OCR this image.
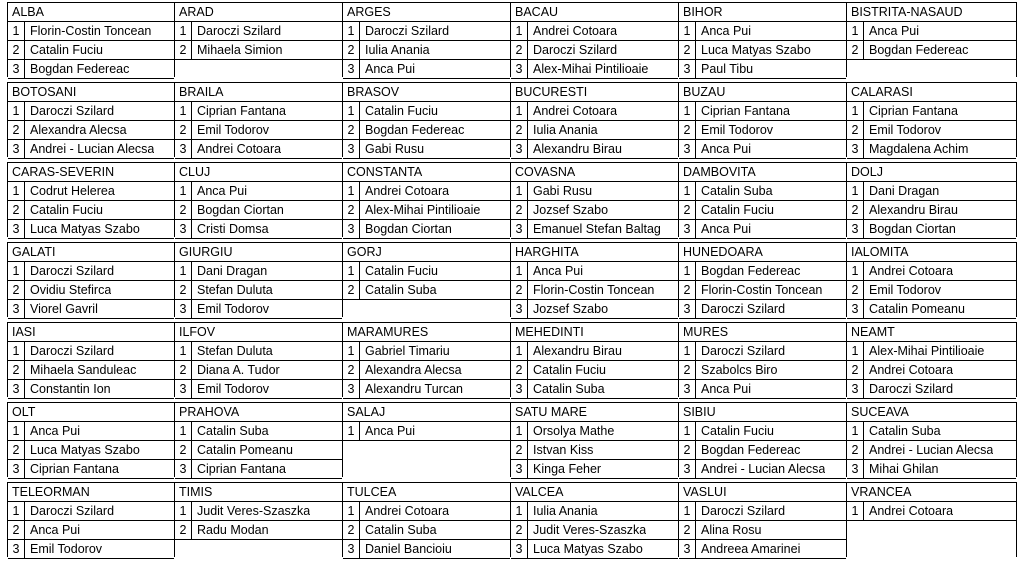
ALBA
1 Florin-Costin Toncean
2 Catalin Fuciu
3 Bogdan Federeac
ARAD
1 Daroczi Szilard
2 Mihaela Simion
ARGES
1 Daroczi Szilard
2 Iulia Anania
3 Anca Pui
BACAU
1 Andrei Cotoara
2 Daroczi Szilard
3 Alex-Mihai Pintilioaie
BIHOR
1 Anca Pui
2 Luca Matyas Szabo
3 Paul Tibu
BISTRITA-NASAUD
1 Anca Pui
2 Bogdan Federeac
BOTOSANI
1 Daroczi Szilard
2 Alexandra Alecsa
3 Andrei - Lucian Alecsa
BRAILA
1 Ciprian Fantana
2 Emil Todorov
3 Andrei Cotoara
BRASOV
1 Catalin Fuciu
2 Bogdan Federeac
3 Gabi Rusu
BUCURESTI
1 Andrei Cotoara
2 Iulia Anania
3 Alexandru Birau
BUZAU
1 Ciprian Fantana
2 Emil Todorov
3 Anca Pui
CALARASI
1 Ciprian Fantana
2 Emil Todorov
3 Magdalena Achim
CARAS-SEVERIN
1 Codrut Helerea
2 Catalin Fuciu
3 Luca Matyas Szabo
CLUJ
1 Anca Pui
2 Bogdan Ciortan
3 Cristi Domsa
CONSTANTA
1 Andrei Cotoara
2 Alex-Mihai Pintilioaie
3 Bogdan Ciortan
COVASNA
1 Gabi Rusu
2 Jozsef Szabo
3 Emanuel Stefan Baltag
DAMBOVITA
1 Catalin Suba
2 Catalin Fuciu
3 Anca Pui
DOLJ
1 Dani Dragan
2 Alexandru Birau
3 Bogdan Ciortan
GALATI
1 Daroczi Szilard
2 Ovidiu Stefirca
3 Viorel Gavril
GIURGIU
1 Dani Dragan
2 Stefan Duluta
3 Emil Todorov
GORJ
1 Catalin Fuciu
2 Catalin Suba
HARGHITA
1 Anca Pui
2 Florin-Costin Toncean
3 Jozsef Szabo
HUNEDOARA
1 Bogdan Federeac
2 Florin-Costin Toncean
3 Daroczi Szilard
IALOMITA
1 Andrei Cotoara
2 Emil Todorov
3 Catalin Pomeanu
IASI
1 Daroczi Szilard
2 Mihaela Sanduleac
3 Constantin Ion
ILFOV
1 Stefan Duluta
2 Diana A. Tudor
3 Emil Todorov
MARAMURES
1 Gabriel Timariu
2 Alexandra Alecsa
3 Alexandru Turcan
MEHEDINTI
1 Alexandru Birau
2 Catalin Fuciu
3 Catalin Suba
MURES
1 Daroczi Szilard
2 Szabolcs Biro
3 Anca Pui
NEAMT
1 Alex-Mihai Pintilioaie
2 Andrei Cotoara
3 Daroczi Szilard
OLT
1 Anca Pui
2 Luca Matyas Szabo
3 Ciprian Fantana
PRAHOVA
1 Catalin Suba
2 Catalin Pomeanu
3 Ciprian Fantana
SALAJ
1 Anca Pui
SATU MARE
1 Orsolya Mathe
2 Istvan Kiss
3 Kinga Feher
SIBIU
1 Catalin Fuciu
2 Bogdan Federeac
3 Andrei - Lucian Alecsa
SUCEAVA
1 Catalin Suba
2 Andrei - Lucian Alecsa
3 Mihai Ghilan
TELEORMAN
1 Daroczi Szilard
2 Anca Pui
3 Emil Todorov
TIMIS
1 Judit Veres-Szaszka
2 Radu Modan
TULCEA
1 Andrei Cotoara
2 Catalin Suba
3 Daniel Bancioiu
VALCEA
1 Iulia Anania
2 Judit Veres-Szaszka
3 Luca Matyas Szabo
VASLUI
1 Daroczi Szilard
2 Alina Rosu
3 Andreea Amarinei
VRANCEA
1 Andrei Cotoara
